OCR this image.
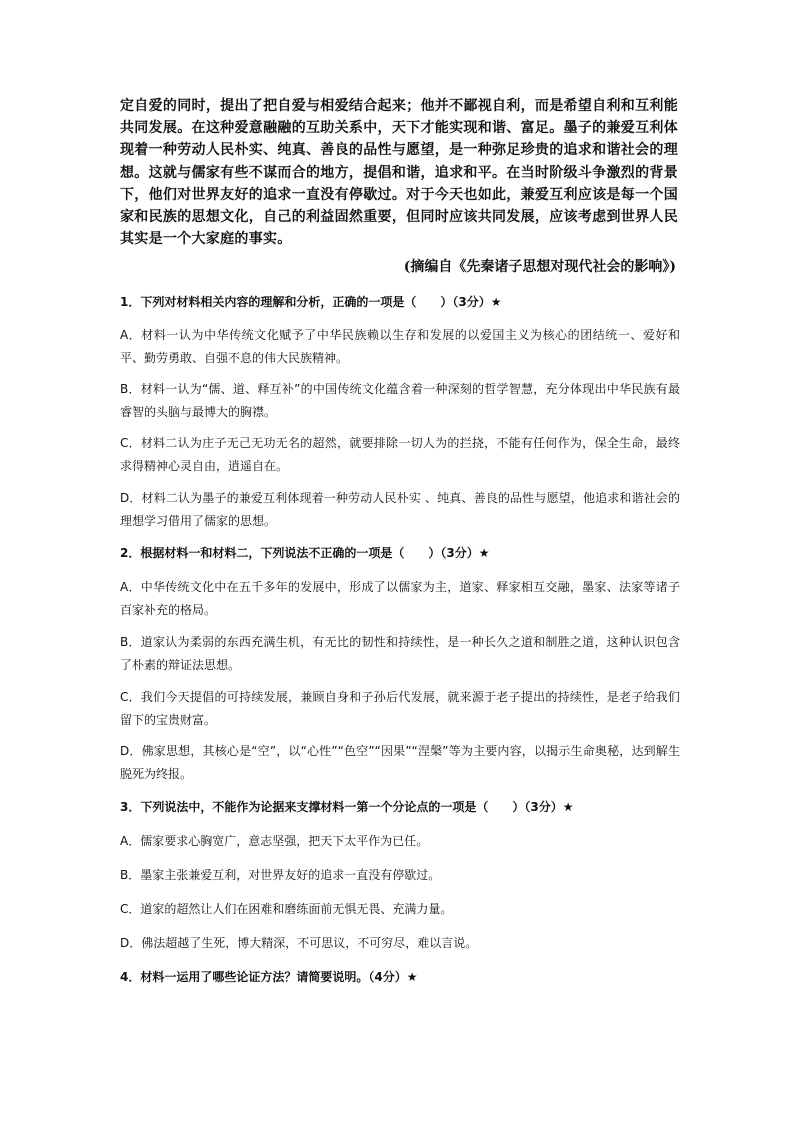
定自爱的同时，提出了把自爱与相爱结合起来；他并不鄙视自利，而是希望自利和互利能共同发展。在这种爱意融融的互助关系中，天下才能实现和谐、富足。墨子的兼爱互利体现着一种劳动人民朴实、纯真、善良的品性与愿望，是一种弥足珍贵的追求和谐社会的理想。这就与儒家有些不谋而合的地方，提倡和谐，追求和平。在当时阶级斗争激烈的背景下，他们对世界友好的追求一直没有停歇过。对于今天也如此，兼爱互利应该是每一个国家和民族的思想文化，自己的利益固然重要，但同时应该共同发展，应该考虑到世界人民其实是一个大家庭的事实。
(摘编自《先秦诸子思想对现代社会的影响》)
1．下列对材料相关内容的理解和分析，正确的一项是（　　）（3分）★
A．材料一认为中华传统文化赋予了中华民族赖以生存和发展的以爱国主义为核心的团结统一、爱好和平、勤劳勇敢、自强不息的伟大民族精神。
B．材料一认为“儒、道、释互补”的中国传统文化蕴含着一种深刻的哲学智慧，充分体现出中华民族有最睿智的头脑与最博大的胸襟。
C．材料二认为庄子无己无功无名的超然，就要排除一切人为的拦挠，不能有任何作为，保全生命，最终求得精神心灵自由，逍遥自在。
D．材料二认为墨子的兼爱互利体现着一种劳动人民朴实 、纯真、善良的品性与愿望，他追求和谐社会的理想学习借用了儒家的思想。
2．根据材料一和材料二，下列说法不正确的一项是（　　）（3分）★
A．中华传统文化中在五千多年的发展中，形成了以儒家为主，道家、释家相互交融，墨家、法家等诸子百家补充的格局。
B．道家认为柔弱的东西充满生机，有无比的韧性和持续性，是一种长久之道和制胜之道，这种认识包含了朴素的辩证法思想。
C．我们今天提倡的可持续发展，兼顾自身和子孙后代发展，就来源于老子提出的持续性，是老子给我们留下的宝贵财富。
D．佛家思想，其核心是“空”，以“心性”“色空”“因果”“涅槃”等为主要内容，以揭示生命奥秘，达到解生脱死为终报。
3．下列说法中，不能作为论据来支撑材料一第一个分论点的一项是（　　）（3分）★
A．儒家要求心胸宽广，意志坚强，把天下太平作为已任。
B．墨家主张兼爱互利，对世界友好的追求一直没有停歇过。
C．道家的超然让人们在困难和磨练面前无惧无畏、充满力量。
D．佛法超越了生死，博大精深，不可思议，不可穷尽，难以言说。
4．材料一运用了哪些论证方法？请简要说明。（4分）★
